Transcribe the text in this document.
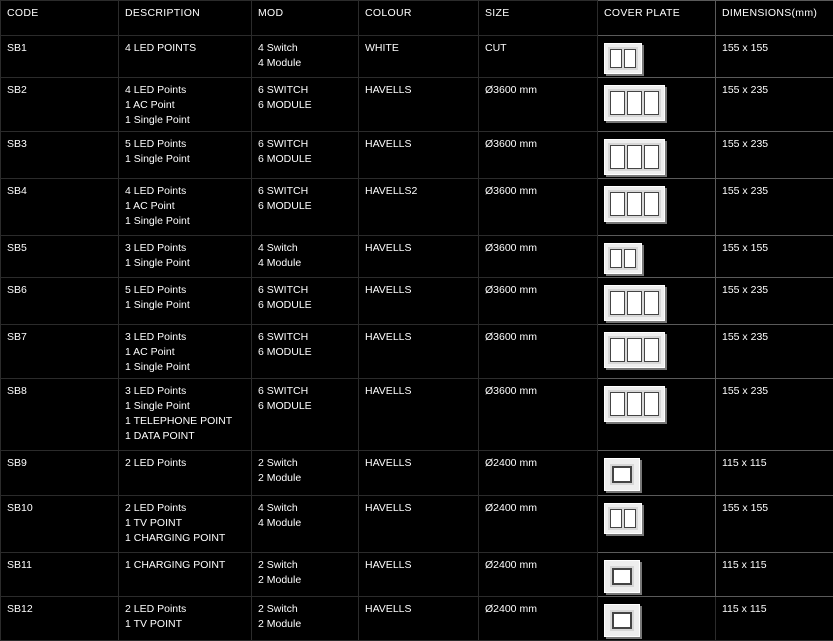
CODE	DESCRIPTION	MOD	COLOUR	SIZE	COVER PLATE	DIMENSIONS(mm)
SB1	4 LED POINTS	4 Switch
4 Module	WHITE	CUT		155 x 155
SB2	4 LED Points
1 AC Point
1 Single Point	6 SWITCH
6 MODULE	HAVELLS	Ø3600 mm		155 x 235
SB3	5 LED Points
1 Single Point	6 SWITCH
6 MODULE	HAVELLS	Ø3600 mm		155 x 235
SB4	4 LED Points
1 AC Point
1 Single Point	6 SWITCH
6 MODULE	HAVELLS2	Ø3600 mm		155 x 235
SB5	3 LED Points
1 Single Point	4 Switch
4 Module	HAVELLS	Ø3600 mm		155 x 155
SB6	5 LED Points
1 Single Point	6 SWITCH
6 MODULE	HAVELLS	Ø3600 mm		155 x 235
SB7	3 LED Points
1 AC Point
1 Single Point	6 SWITCH
6 MODULE	HAVELLS	Ø3600 mm		155 x 235
SB8	3 LED Points
1 Single Point
1 TELEPHONE POINT
1 DATA POINT	6 SWITCH
6 MODULE	HAVELLS	Ø3600 mm		155 x 235
SB9	2 LED Points	2 Switch
2 Module	HAVELLS	Ø2400 mm		115 x 115
SB10	2 LED Points
1 TV POINT
1 CHARGING POINT	4 Switch
4 Module	HAVELLS	Ø2400 mm		155 x 155
SB11	1 CHARGING POINT	2 Switch
2 Module	HAVELLS	Ø2400 mm		115 x 115
SB12	2 LED Points
1 TV POINT	2 Switch
2 Module	HAVELLS	Ø2400 mm		115 x 115
